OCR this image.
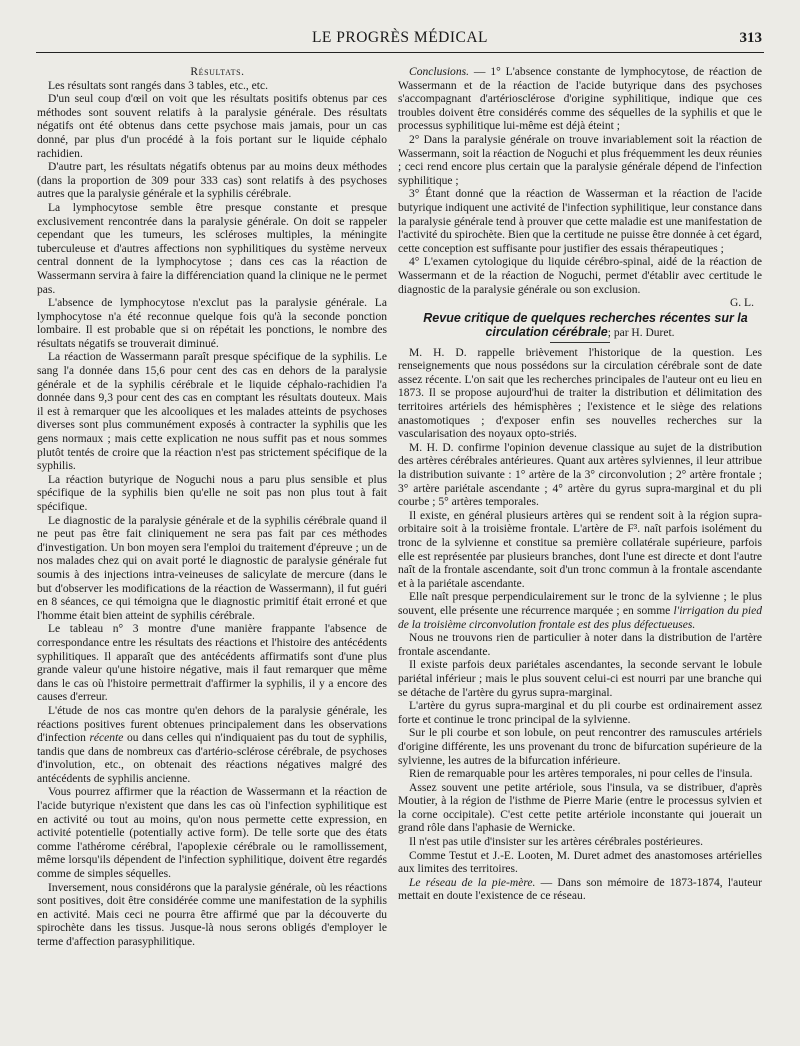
LE PROGRÈS MÉDICAL	313

Résultats.

Les résultats sont rangés dans 3 tables, etc., etc.

D'un seul coup d'œil on voit que les résultats positifs obtenus par ces méthodes sont souvent relatifs à la paralysie générale. Des résultats négatifs ont été obtenus dans cette psychose mais jamais, pour un cas donné, par plus d'un procédé à la fois portant sur le liquide céphalo rachidien.

D'autre part, les résultats négatifs obtenus par au moins deux méthodes (dans la proportion de 309 pour 333 cas) sont relatifs à des psychoses autres que la paralysie générale et la syphilis cérébrale.

La lymphocytose semble être presque constante et presque exclusivement rencontrée dans la paralysie générale. On doit se rappeler cependant que les tumeurs, les scléroses multiples, la méningite tuberculeuse et d'autres affections non syphilitiques du système nerveux central donnent de la lymphocytose ; dans ces cas la réaction de Wassermann servira à faire la différenciation quand la clinique ne le permet pas.

L'absence de lymphocytose n'exclut pas la paralysie générale. La lymphocytose n'a été reconnue quelque fois qu'à la seconde ponction lombaire. Il est probable que si on répétait les ponctions, le nombre des résultats négatifs se trouverait diminué.

La réaction de Wassermann paraît presque spécifique de la syphilis. Le sang l'a donnée dans 15,6 pour cent des cas en dehors de la paralysie générale et de la syphilis cérébrale et le liquide céphalo-rachidien l'a donnée dans 9,3 pour cent des cas en comptant les résultats douteux. Mais il est à remarquer que les alcooliques et les malades atteints de psychoses diverses sont plus communément exposés à contracter la syphilis que les gens normaux ; mais cette explication ne nous suffit pas et nous sommes plutôt tentés de croire que la réaction n'est pas strictement spécifique de la syphilis.

La réaction butyrique de Noguchi nous a paru plus sensible et plus spécifique de la syphilis bien qu'elle ne soit pas non plus tout à fait spécifique.

Le diagnostic de la paralysie générale et de la syphilis cérébrale quand il ne peut pas être fait cliniquement ne sera pas fait par ces méthodes d'investigation. Un bon moyen sera l'emploi du traitement d'épreuve ; un de nos malades chez qui on avait porté le diagnostic de paralysie générale fut soumis à des injections intra-veineuses de salicylate de mercure (dans le but d'observer les modifications de la réaction de Wassermann), il fut guéri en 8 séances, ce qui témoigna que le diagnostic primitif était erroné et que l'homme était bien atteint de syphilis cérébrale.

Le tableau n° 3 montre d'une manière frappante l'absence de correspondance entre les résultats des réactions et l'histoire des antécédents syphilitiques. Il apparaît que des antécédents affirmatifs sont d'une plus grande valeur qu'une histoire négative, mais il faut remarquer que même dans le cas où l'histoire permettrait d'affirmer la syphilis, il y a encore des causes d'erreur.

L'étude de nos cas montre qu'en dehors de la paralysie générale, les réactions positives furent obtenues principalement dans les observations d'infection récente ou dans celles qui n'indiquaient pas du tout de syphilis, tandis que dans de nombreux cas d'artério-sclérose cérébrale, de psychoses d'involution, etc., on obtenait des réactions négatives malgré des antécédents de syphilis ancienne.

Vous pourrez affirmer que la réaction de Wassermann et la réaction de l'acide butyrique n'existent que dans les cas où l'infection syphilitique est en activité ou tout au moins, qu'on nous permette cette expression, en activité potentielle (potentially active form). De telle sorte que des états comme l'athérome cérébral, l'apoplexie cérébrale ou le ramollissement, même lorsqu'ils dépendent de l'infection syphilitique, doivent être regardés comme de simples séquelles.

Inversement, nous considérons que la paralysie générale, où les réactions sont positives, doit être considérée comme une manifestation de la syphilis en activité. Mais ceci ne pourra être affirmé que par la découverte du spirochète dans les tissus. Jusque-là nous serons obligés d'employer le terme d'affection parasyphilitique.

Conclusions. — 1° L'absence constante de lymphocytose, de réaction de Wassermann et de la réaction de l'acide butyrique dans des psychoses s'accompagnant d'artériosclérose d'origine syphilitique, indique que ces troubles doivent être considérés comme des séquelles de la syphilis et que le processus syphilitique lui-même est déjà éteint ;

2° Dans la paralysie générale on trouve invariablement soit la réaction de Wassermann, soit la réaction de Noguchi et plus fréquemment les deux réunies ; ceci rend encore plus certain que la paralysie générale dépend de l'infection syphilitique ;

3° Étant donné que la réaction de Wasserman et la réaction de l'acide butyrique indiquent une activité de l'infection syphilitique, leur constance dans la paralysie générale tend à prouver que cette maladie est une manifestation de l'activité du spirochète. Bien que la certitude ne puisse être donnée à cet égard, cette conception est suffisante pour justifier des essais thérapeutiques ;

4° L'examen cytologique du liquide cérébro-spinal, aidé de la réaction de Wassermann et de la réaction de Noguchi, permet d'établir avec certitude le diagnostic de la paralysie générale ou son exclusion.

G. L.

Revue critique de quelques recherches récentes sur la circulation cérébrale; par H. Duret.

M. H. D. rappelle brièvement l'historique de la question. Les renseignements que nous possédons sur la circulation cérébrale sont de date assez récente. L'on sait que les recherches principales de l'auteur ont eu lieu en 1873. Il se propose aujourd'hui de traiter la distribution et délimitation des territoires artériels des hémisphères ; l'existence et le siège des relations anastomotiques ; d'exposer enfin ses nouvelles recherches sur la vascularisation des noyaux opto-striés.

M. H. D. confirme l'opinion devenue classique au sujet de la distribution des artères cérébrales antérieures. Quant aux artères sylviennes, il leur attribue la distribution suivante : 1° artère de la 3° circonvolution ; 2° artère frontale ; 3° artère pariétale ascendante ; 4° artère du gyrus supra-marginal et du pli courbe ; 5° artères temporales.

Il existe, en général plusieurs artères qui se rendent soit à la région supra-orbitaire soit à la troisième frontale. L'artère de F³. naît parfois isolément du tronc de la sylvienne et constitue sa première collatérale supérieure, parfois elle est représentée par plusieurs branches, dont l'une est directe et dont l'autre naît de la frontale ascendante, soit d'un tronc commun à la frontale ascendante et à la pariétale ascendante.

Elle naît presque perpendiculairement sur le tronc de la sylvienne ; le plus souvent, elle présente une récurrence marquée ; en somme l'irrigation du pied de la troisième circonvolution frontale est des plus défectueuses.

Nous ne trouvons rien de particulier à noter dans la distribution de l'artère frontale ascendante.

Il existe parfois deux pariétales ascendantes, la seconde servant le lobule pariétal inférieur ; mais le plus souvent celui-ci est nourri par une branche qui se détache de l'artère du gyrus supra-marginal.

L'artère du gyrus supra-marginal et du pli courbe est ordinairement assez forte et continue le tronc principal de la sylvienne.

Sur le pli courbe et son lobule, on peut rencontrer des ramuscules artériels d'origine différente, les uns provenant du tronc de bifurcation supérieure de la sylvienne, les autres de la bifurcation inférieure.

Rien de remarquable pour les artères temporales, ni pour celles de l'insula.

Assez souvent une petite artériole, sous l'insula, va se distribuer, d'après Moutier, à la région de l'isthme de Pierre Marie (entre le processus sylvien et la corne occipitale). C'est cette petite artériole inconstante qui jouerait un grand rôle dans l'aphasie de Wernicke.

Il n'est pas utile d'insister sur les artères cérébrales postérieures.

Comme Testut et J.-E. Looten, M. Duret admet des anastomoses artérielles aux limites des territoires.

Le réseau de la pie-mère. — Dans son mémoire de 1873-1874, l'auteur mettait en doute l'existence de ce réseau.
